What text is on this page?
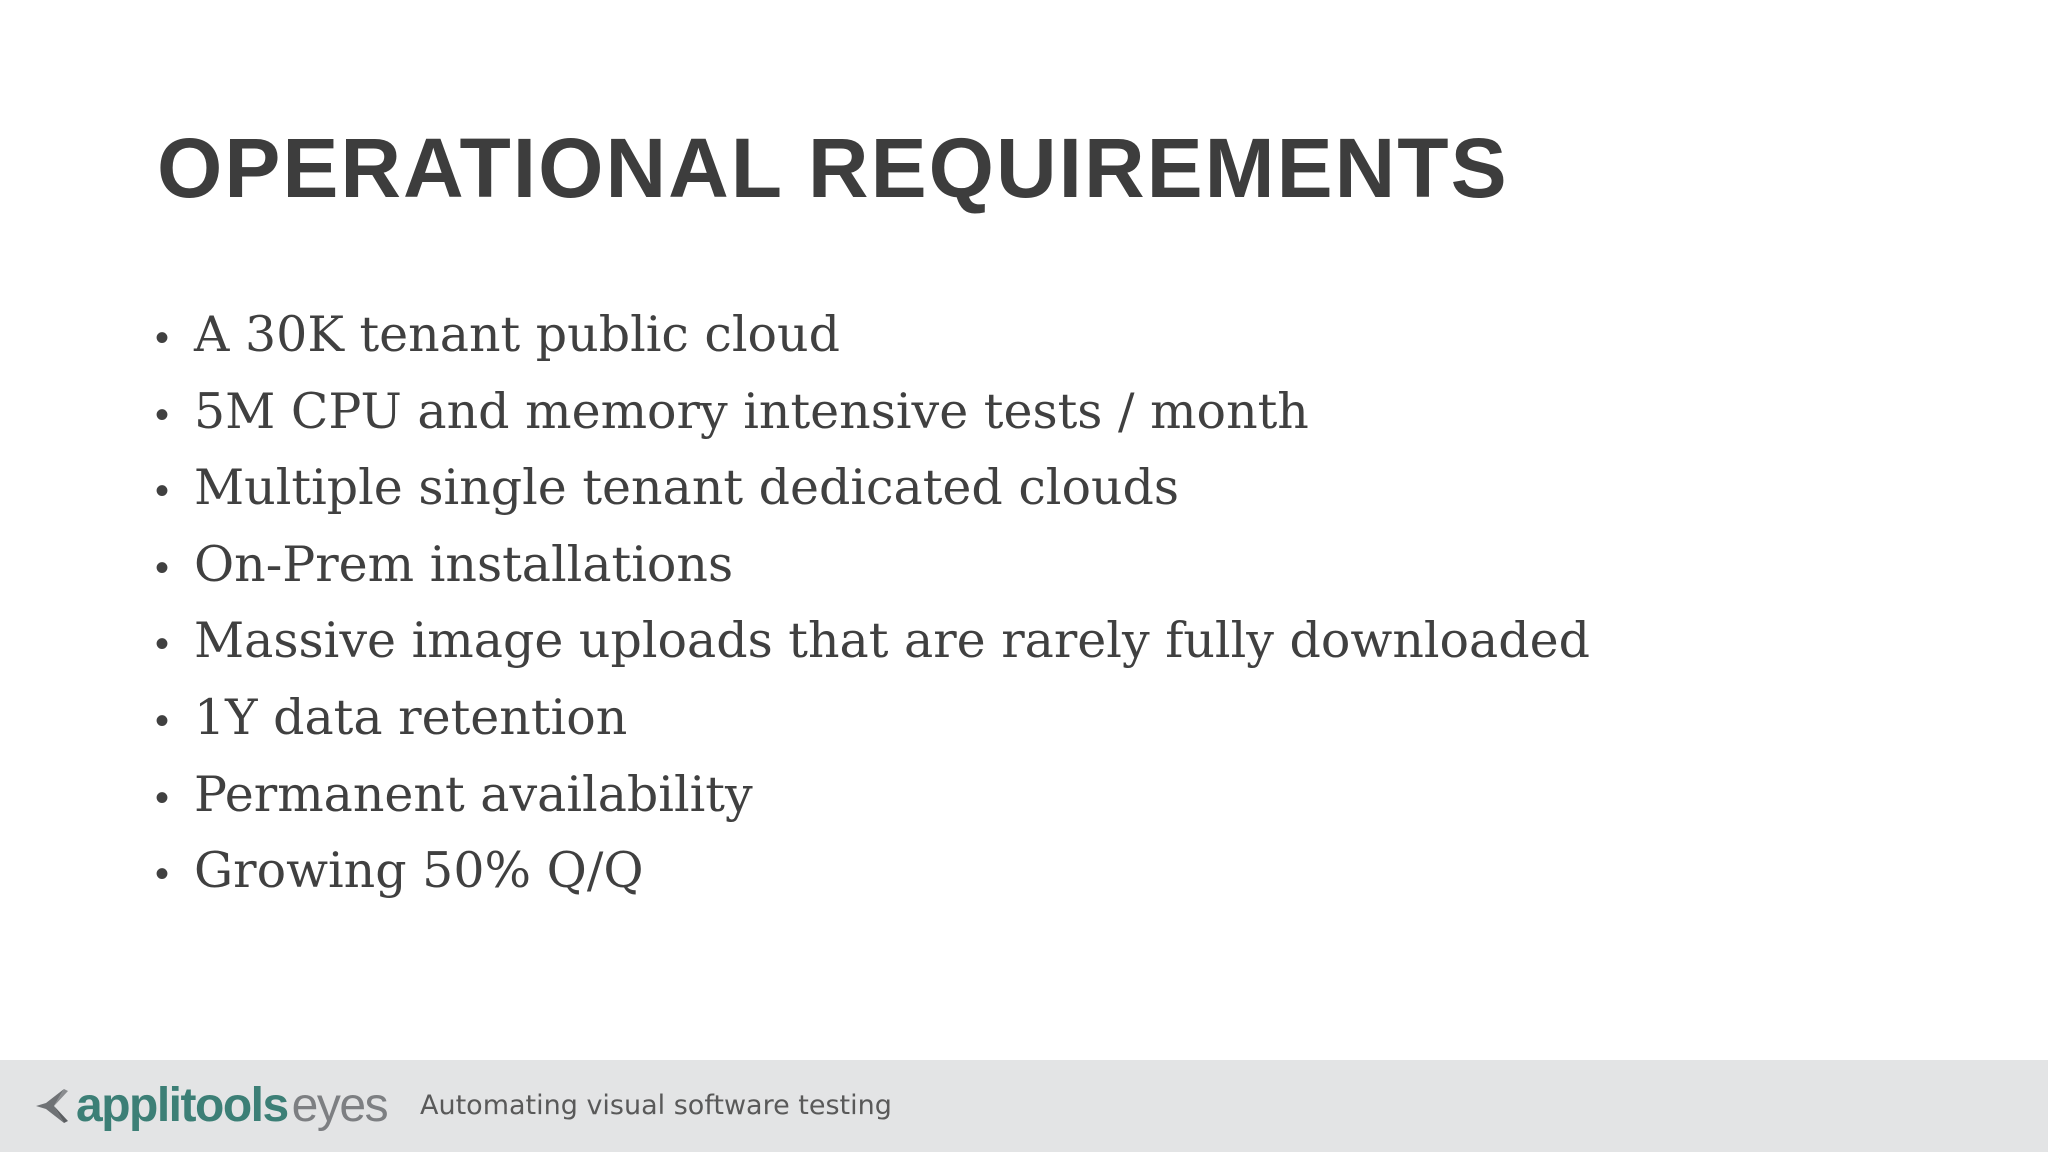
OPERATIONAL REQUIREMENTS
• A 30K tenant public cloud
• 5M CPU and memory intensive tests / month
• Multiple single tenant dedicated clouds
• On-Prem installations
• Massive image uploads that are rarely fully downloaded
• 1Y data retention
• Permanent availability
• Growing 50% Q/Q
applitools eyes Automating visual software testing
